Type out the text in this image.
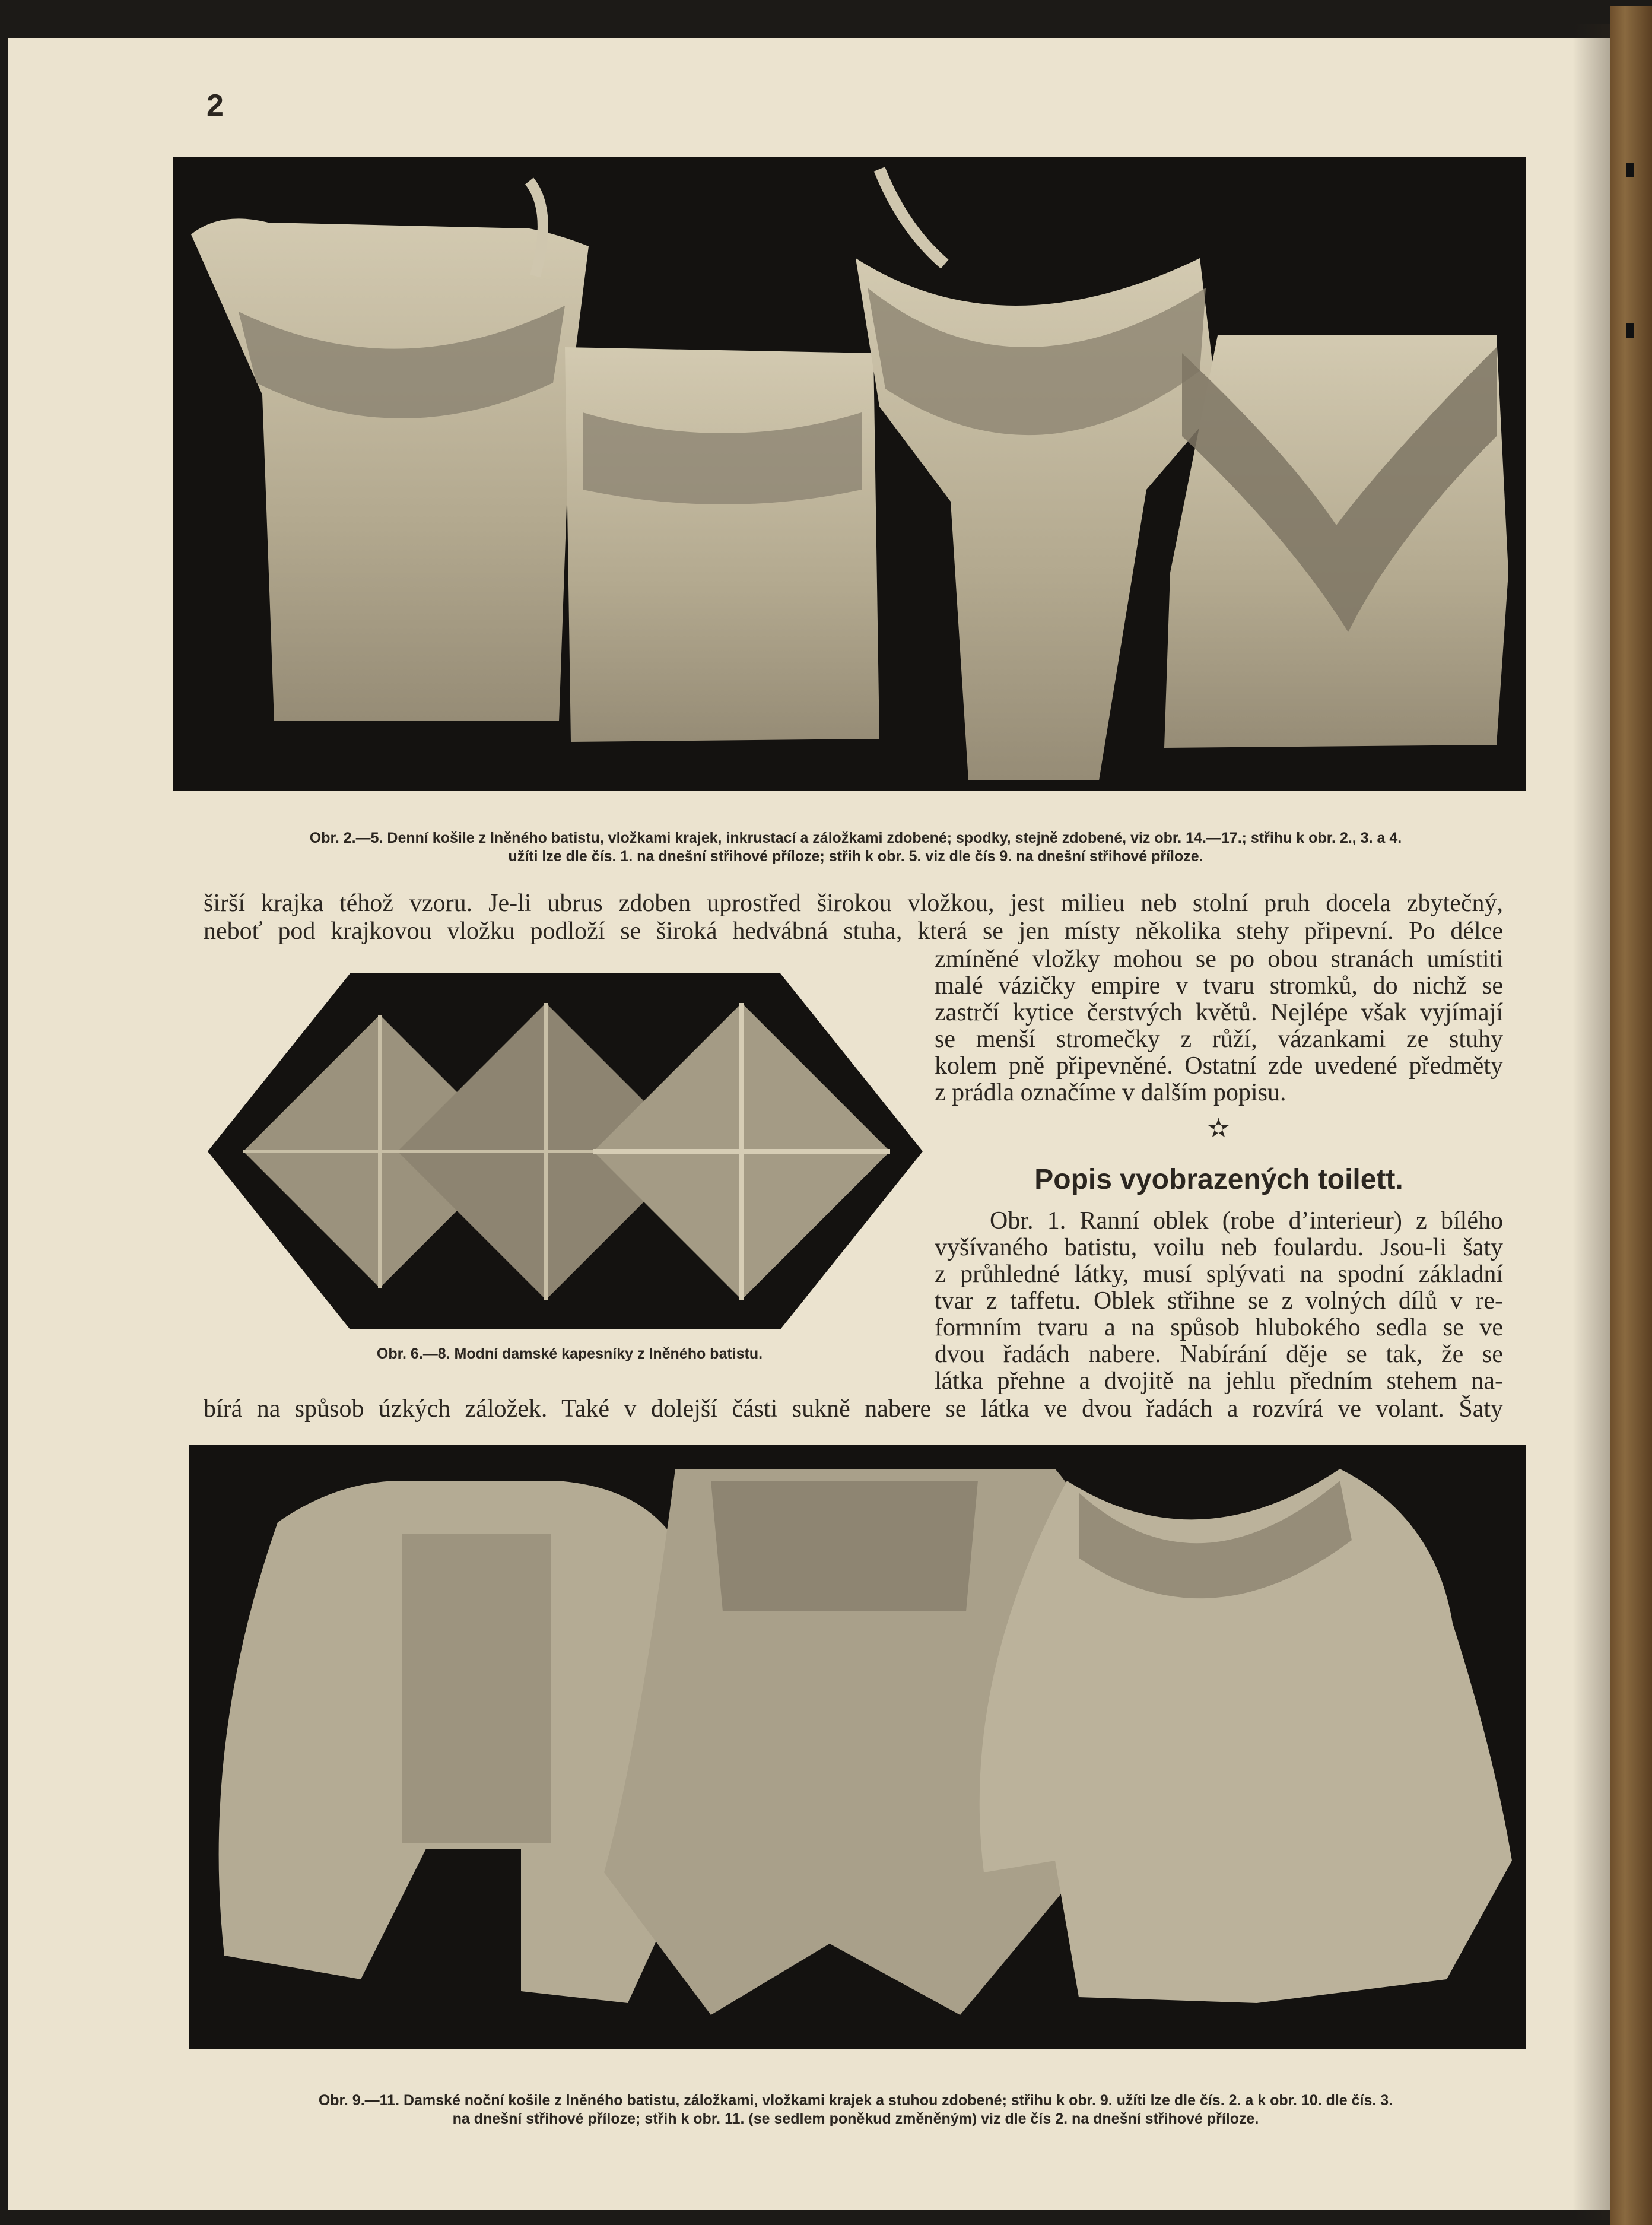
2
Obr. 2.—5. Denní košile z lněného batistu, vložkami krajek, inkrustací a záložkami zdobené; spodky, stejně zdobené, viz obr. 14.—17.; střihu k obr. 2., 3. a 4.
užíti lze dle čís. 1. na dnešní střihové příloze; střih k obr. 5. viz dle čís 9. na dnešní střihové příloze.
širší krajka téhož vzoru. Je-li ubrus zdoben uprostřed širokou vložkou, jest milieu neb stolní pruh docela zbytečný,
neboť pod krajkovou vložku podloží se široká hedvábná stuha, která se jen místy několika stehy připevní. Po délce
Obr. 6.—8. Modní damské kapesníky z lněného batistu.
zmíněné vložky mohou se po obou stranách umístiti
malé vázičky empire v tvaru stromků, do nichž se
zastrčí kytice čerstvých květů. Nejlépe však vyjímají
se menší stromečky z růží, vázankami ze stuhy
kolem pně připevněné. Ostatní zde uvedené předměty
z prádla označíme v dalším popisu.
✫
Popis vyobrazených toilett.
Obr. 1. Ranní oblek (robe d’interieur) z bílého
vyšívaného batistu, voilu neb foulardu. Jsou-li šaty
z průhledné látky, musí splývati na spodní základní
tvar z taffetu. Oblek střihne se z volných dílů v re-
formním tvaru a na spůsob hlubokého sedla se ve
dvou řadách nabere. Nabírání děje se tak, že se
látka přehne a dvojitě na jehlu předním stehem na-
bírá na spůsob úzkých záložek. Také v dolejší části sukně nabere se látka ve dvou řadách a rozvírá ve volant. Šaty
Obr. 9.—11. Damské noční košile z lněného batistu, záložkami, vložkami krajek a stuhou zdobené; střihu k obr. 9. užíti lze dle čís. 2. a k obr. 10. dle čís. 3.
na dnešní střihové příloze; střih k obr. 11. (se sedlem poněkud změněným) viz dle čís 2. na dnešní střihové příloze.
